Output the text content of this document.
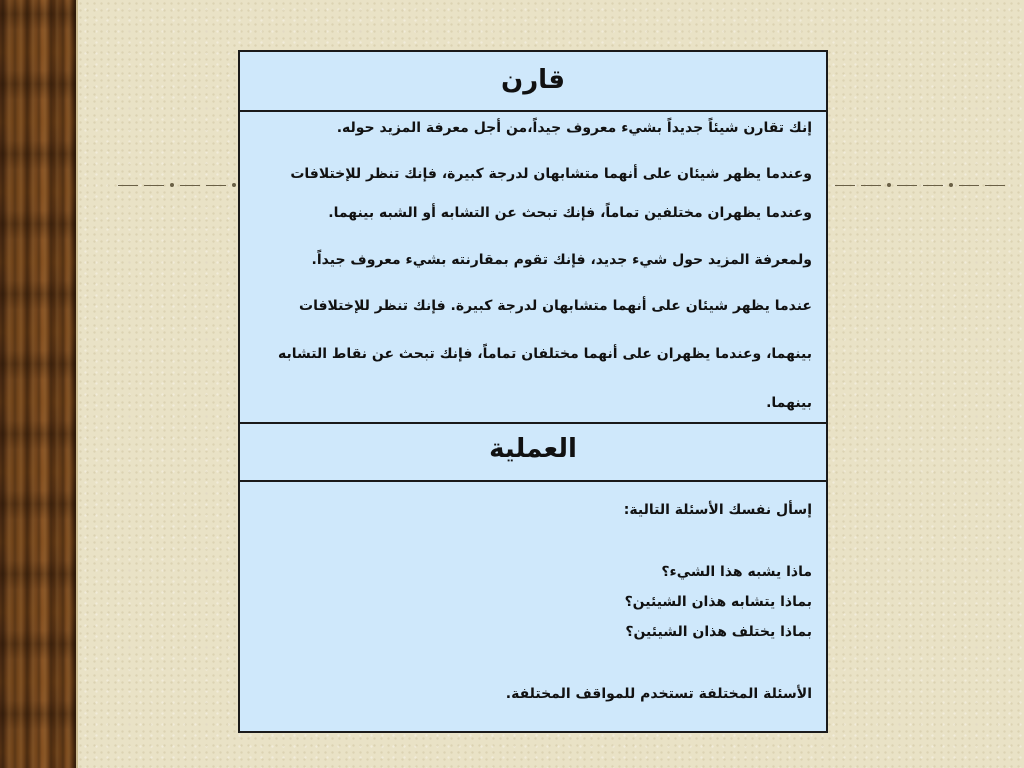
قارن

إنك تقارن شيئاً جديداً بشيء معروف جيداً،من أجل معرفة المزيد حوله.

وعندما يظهر شيئان على أنهما متشابهان لدرجة كبيرة، فإنك تنظر للإختلافات

وعندما يظهران مختلفين تماماً، فإنك تبحث عن التشابه أو الشبه بينهما.

ولمعرفة المزيد حول شيء جديد، فإنك تقوم بمقارنته بشيء معروف جيداً.

عندما يظهر شيئان على أنهما متشابهان لدرجة كبيرة. فإنك تنظر للإختلافات

بينهما، وعندما يظهران على أنهما مختلفان تماماً، فإنك تبحث عن نقاط التشابه

بينهما.

العملية

إسأل نفسك الأسئلة التالية:

ماذا يشبه هذا الشيء؟

بماذا يتشابه هذان الشيئين؟

بماذا يختلف هذان الشيئين؟

الأسئلة المختلفة تستخدم للمواقف المختلفة.
